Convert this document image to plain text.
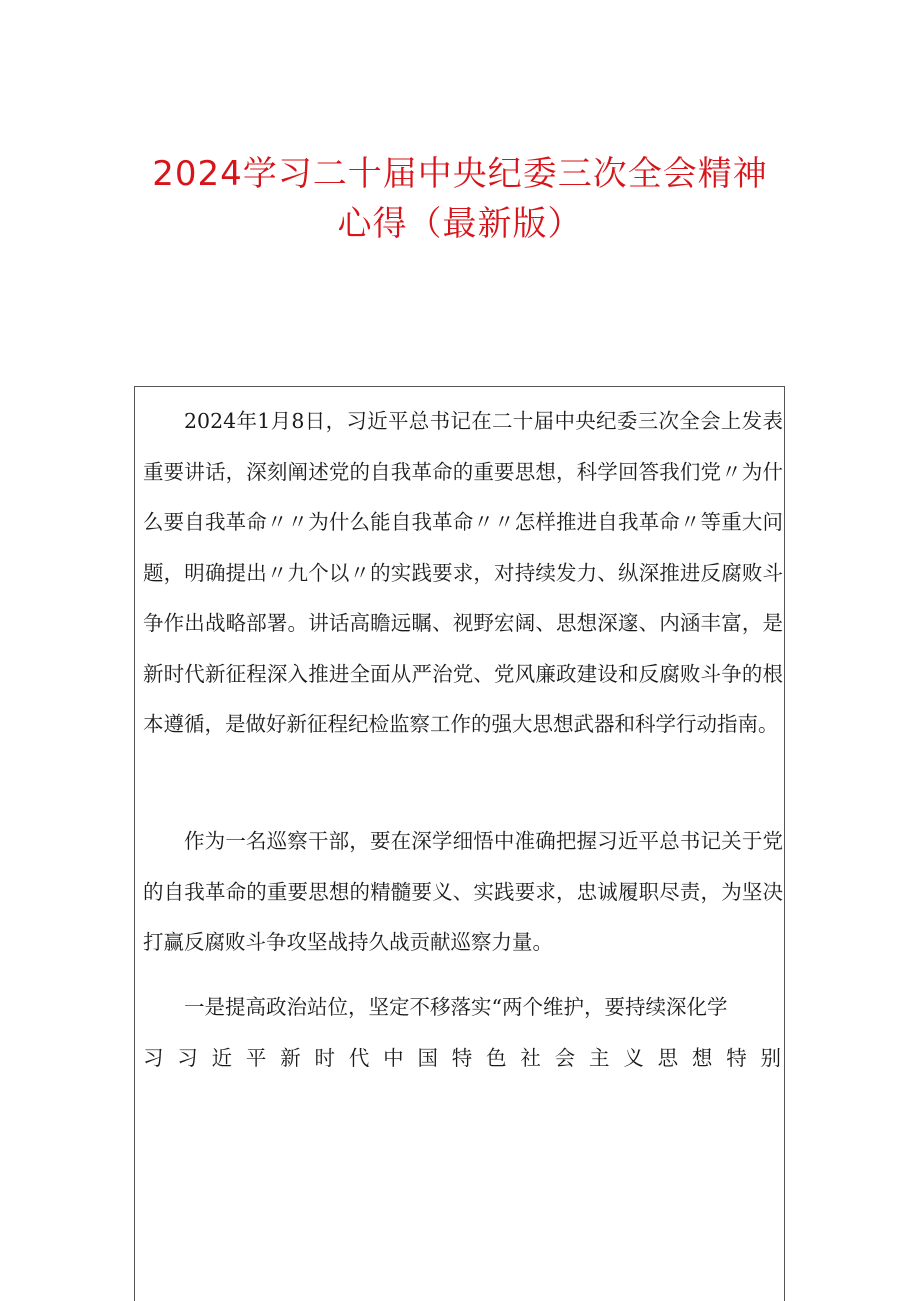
2024学习二十届中央纪委三次全会精神
心得（最新版）

2024年1月8日，习近平总书记在二十届中央纪委三次全会上发表重要讲话，深刻阐述党的自我革命的重要思想，科学回答我们党〃为什么要自我革命〃〃为什么能自我革命〃〃怎样推进自我革命〃等重大问题，明确提出〃九个以〃的实践要求，对持续发力、纵深推进反腐败斗争作出战略部署。讲话高瞻远瞩、视野宏阔、思想深邃、内涵丰富，是新时代新征程深入推进全面从严治党、党风廉政建设和反腐败斗争的根本遵循，是做好新征程纪检监察工作的强大思想武器和科学行动指南。

作为一名巡察干部，要在深学细悟中准确把握习近平总书记关于党的自我革命的重要思想的精髓要义、实践要求，忠诚履职尽责，为坚决打赢反腐败斗争攻坚战持久战贡献巡察力量。

一是提高政治站位，坚定不移落实“两个维护，要持续深化学
习习近平新时代中国特色社会主义思想特别
